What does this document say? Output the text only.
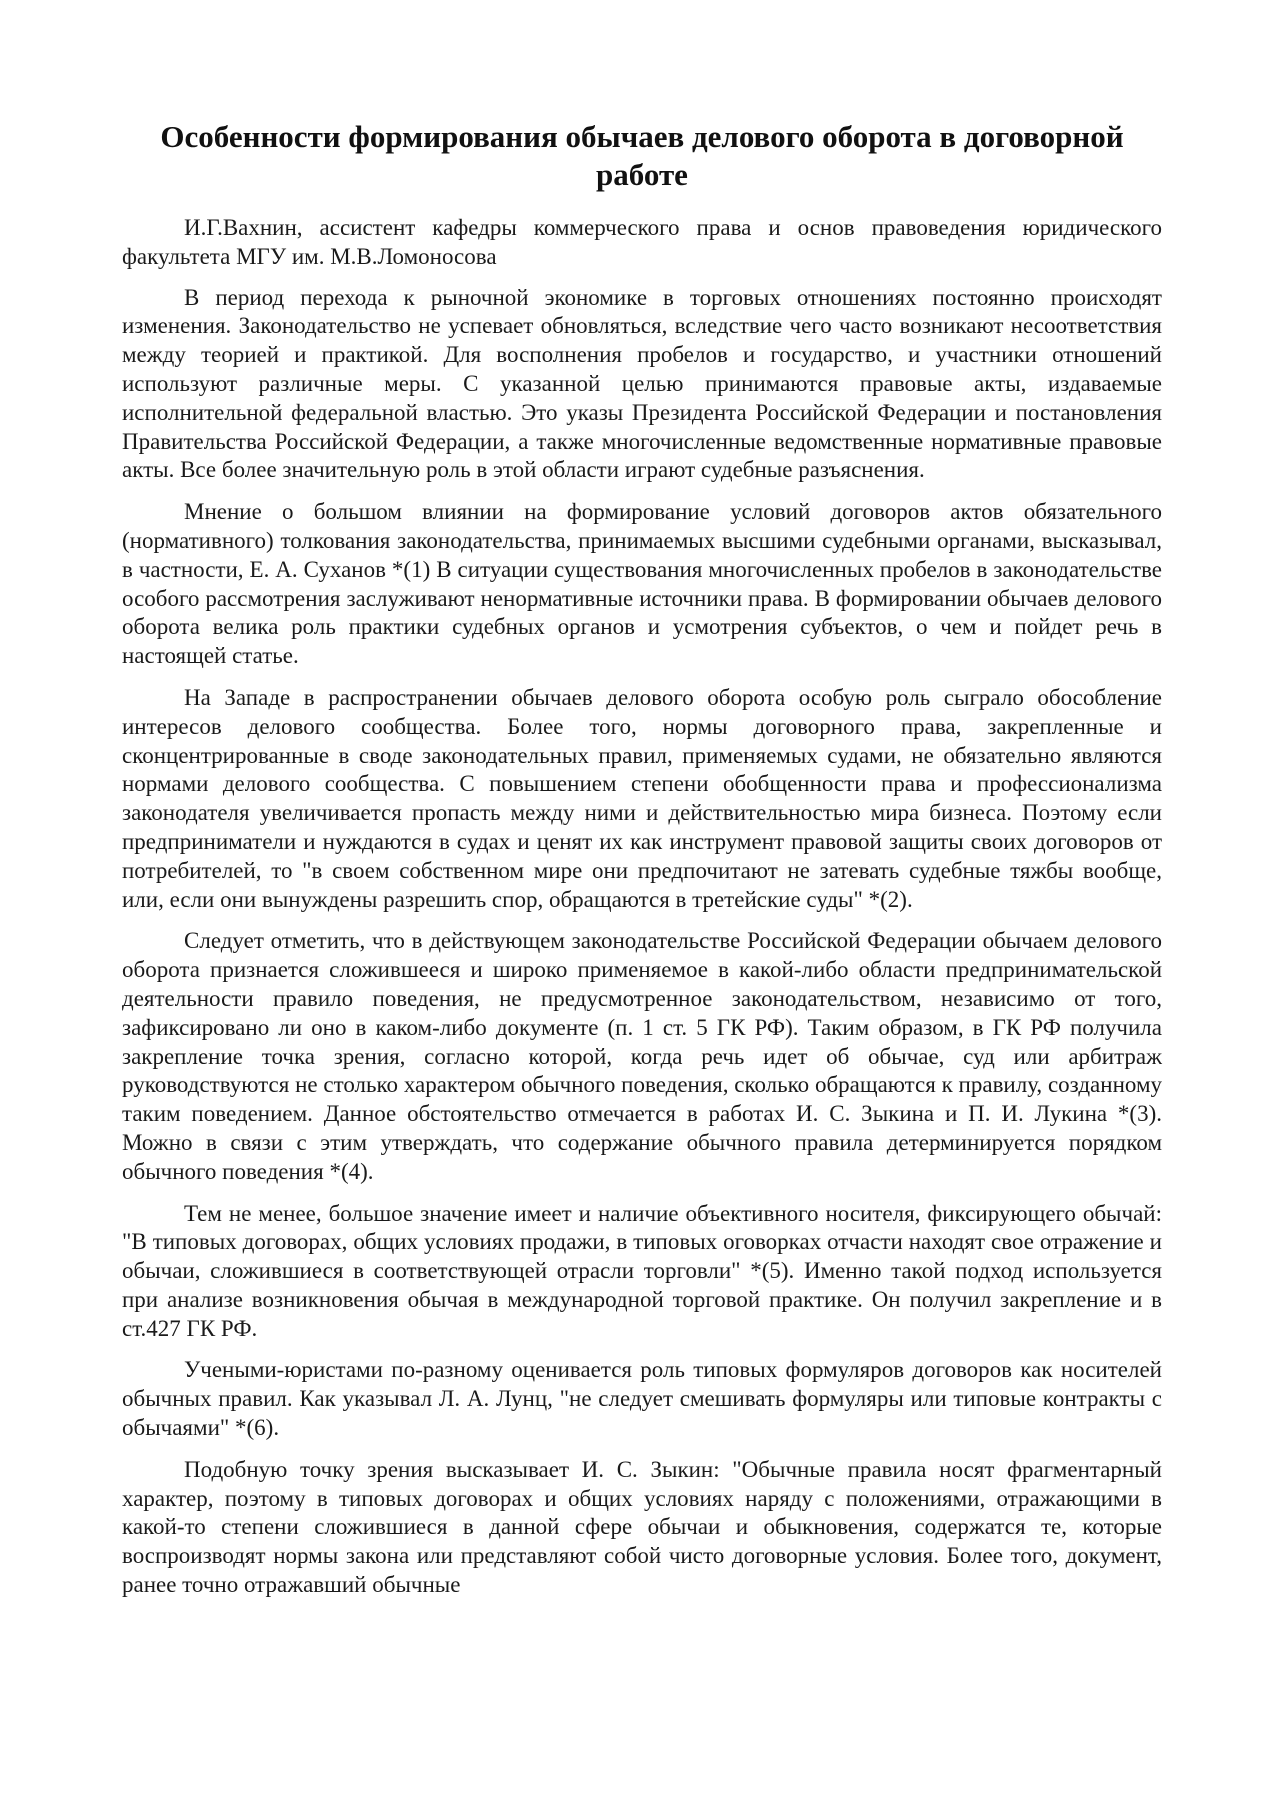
Особенности формирования обычаев делового оборота в договорной работе

И.Г.Вахнин, ассистент кафедры коммерческого права и основ правоведения юридического факультета МГУ им. М.В.Ломоносова

В период перехода к рыночной экономике в торговых отношениях постоянно происходят изменения. Законодательство не успевает обновляться, вследствие чего часто возникают несоответствия между теорией и практикой. Для восполнения пробелов и государство, и участники отношений используют различные меры. С указанной целью принимаются правовые акты, издаваемые исполнительной федеральной властью. Это указы Президента Российской Федерации и постановления Правительства Российской Федерации, а также многочисленные ведомственные нормативные правовые акты. Все более значительную роль в этой области играют судебные разъяснения.

Мнение о большом влиянии на формирование условий договоров актов обязательного (нормативного) толкования законодательства, принимаемых высшими судебными органами, высказывал, в частности, Е. А. Суханов *(1) В ситуации существования многочисленных пробелов в законодательстве особого рассмотрения заслуживают ненормативные источники права. В формировании обычаев делового оборота велика роль практики судебных органов и усмотрения субъектов, о чем и пойдет речь в настоящей статье.

На Западе в распространении обычаев делового оборота особую роль сыграло обособление интересов делового сообщества. Более того, нормы договорного права, закрепленные и сконцентрированные в своде законодательных правил, применяемых судами, не обязательно являются нормами делового сообщества. С повышением степени обобщенности права и профессионализма законодателя увеличивается пропасть между ними и действительностью мира бизнеса. Поэтому если предприниматели и нуждаются в судах и ценят их как инструмент правовой защиты своих договоров от потребителей, то "в своем собственном мире они предпочитают не затевать судебные тяжбы вообще, или, если они вынуждены разрешить спор, обращаются в третейские суды" *(2).

Следует отметить, что в действующем законодательстве Российской Федерации обычаем делового оборота признается сложившееся и широко применяемое в какой-либо области предпринимательской деятельности правило поведения, не предусмотренное законодательством, независимо от того, зафиксировано ли оно в каком-либо документе (п. 1 ст. 5 ГК РФ). Таким образом, в ГК РФ получила закрепление точка зрения, согласно которой, когда речь идет об обычае, суд или арбитраж руководствуются не столько характером обычного поведения, сколько обращаются к правилу, созданному таким поведением. Данное обстоятельство отмечается в работах И. С. Зыкина и П. И. Лукина *(3). Можно в связи с этим утверждать, что содержание обычного правила детерминируется порядком обычного поведения *(4).

Тем не менее, большое значение имеет и наличие объективного носителя, фиксирующего обычай: "В типовых договорах, общих условиях продажи, в типовых оговорках отчасти находят свое отражение и обычаи, сложившиеся в соответствующей отрасли торговли" *(5). Именно такой подход используется при анализе возникновения обычая в международной торговой практике. Он получил закрепление и в ст.427 ГК РФ.

Учеными-юристами по-разному оценивается роль типовых формуляров договоров как носителей обычных правил. Как указывал Л. А. Лунц, "не следует смешивать формуляры или типовые контракты с обычаями" *(6).

Подобную точку зрения высказывает И. С. Зыкин: "Обычные правила носят фрагментарный характер, поэтому в типовых договорах и общих условиях наряду с положениями, отражающими в какой-то степени сложившиеся в данной сфере обычаи и обыкновения, содержатся те, которые воспроизводят нормы закона или представляют собой чисто договорные условия. Более того, документ, ранее точно отражавший обычные
